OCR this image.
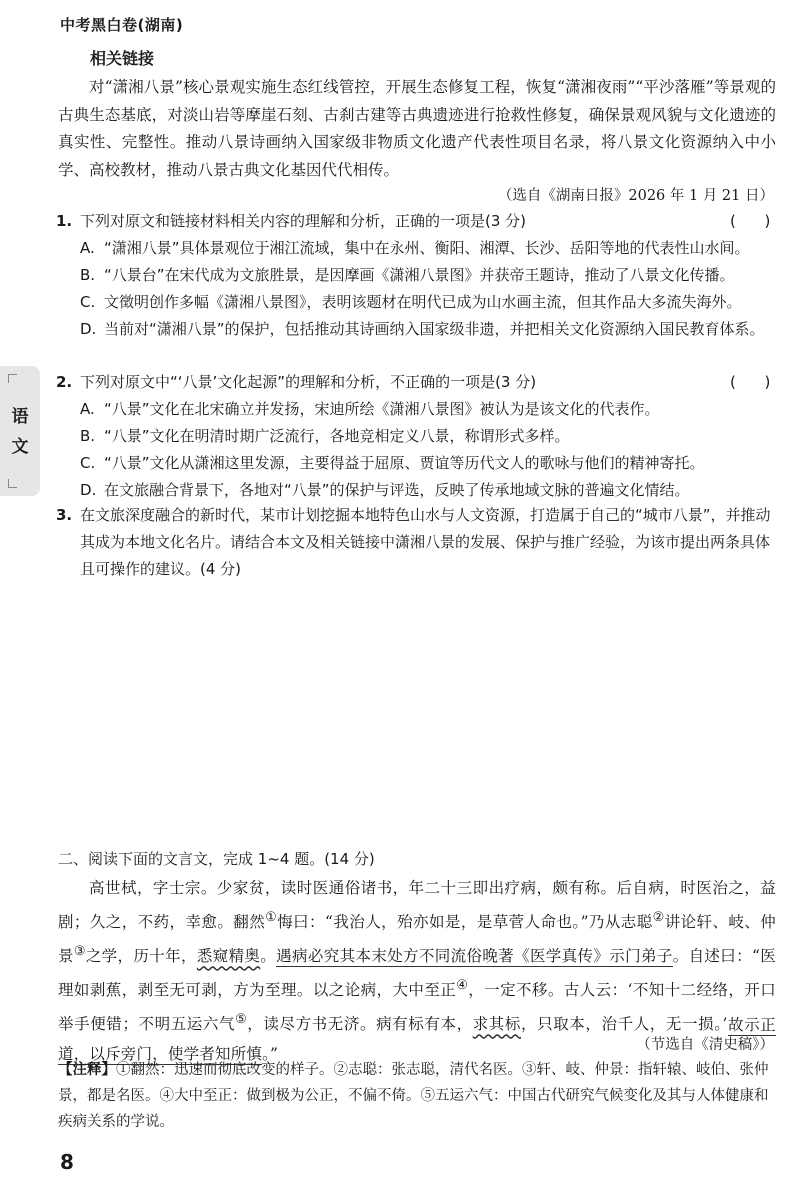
中考黑白卷(湖南)
语
文
相关链接

对“潇湘八景”核心景观实施生态红线管控，开展生态修复工程，恢复“潇湘夜雨”“平沙落雁”等景观的古典生态基底，对淡山岩等摩崖石刻、古刹古建等古典遗迹进行抢救性修复，确保景观风貌与文化遗迹的真实性、完整性。推动八景诗画纳入国家级非物质文化遗产代表性项目名录，将八景文化资源纳入中小学、高校教材，推动八景古典文化基因代代相传。

（选自《湖南日报》2026 年 1 月 21 日）
1. 下列对原文和链接材料相关内容的理解和分析，正确的一项是(3 分)	(      )
A. “潇湘八景”具体景观位于湘江流域，集中在永州、衡阳、湘潭、长沙、岳阳等地的代表性山水间。
B. “八景台”在宋代成为文旅胜景，是因摩画《潇湘八景图》并获帝王题诗，推动了八景文化传播。
C. 文徵明创作多幅《潇湘八景图》，表明该题材在明代已成为山水画主流，但其作品大多流失海外。
D. 当前对“潇湘八景”的保护，包括推动其诗画纳入国家级非遗，并把相关文化资源纳入国民教育体系。
2. 下列对原文中“‘八景’文化起源”的理解和分析，不正确的一项是(3 分)	(      )
A. “八景”文化在北宋确立并发扬，宋迪所绘《潇湘八景图》被认为是该文化的代表作。
B. “八景”文化在明清时期广泛流行，各地竞相定义八景，称谓形式多样。
C. “八景”文化从潇湘这里发源，主要得益于屈原、贾谊等历代文人的歌咏与他们的精神寄托。
D. 在文旅融合背景下，各地对“八景”的保护与评选，反映了传承地域文脉的普遍文化情结。
3. 在文旅深度融合的新时代，某市计划挖掘本地特色山水与人文资源，打造属于自己的“城市八景”，并推动其成为本地文化名片。请结合本文及相关链接中潇湘八景的发展、保护与推广经验，为该市提出两条具体且可操作的建议。(4 分)
二、阅读下面的文言文，完成 1~4 题。(14 分)

高世栻，字士宗。少家贫，读时医通俗诸书，年二十三即出疗病，颇有称。后自病，时医治之，益剧；久之，不药，幸愈。翻然①悔曰：“我治人，殆亦如是，是草菅人命也。”乃从志聪②讲论轩、岐、仲景③之学，历十年，悉窥精奥。遇病必究其本末处方不同流俗晚著《医学真传》示门弟子。自述曰：“医理如剥蕉，剥至无可剥，方为至理。以之论病，大中至正④，一定不移。古人云：‘不知十二经络，开口举手便错；不明五运六气⑤，读尽方书无济。病有标有本，求其标，只取本，治千人，无一损。’故示正道，以斥旁门，使学者知所慎。”	（节选自《清史稿》）

【注释】①翻然：迅速而彻底改变的样子。②志聪：张志聪，清代名医。③轩、岐、仲景：指轩辕、岐伯、张仲景，都是名医。④大中至正：做到极为公正，不偏不倚。⑤五运六气：中国古代研究气候变化及其与人体健康和疾病关系的学说。

8
